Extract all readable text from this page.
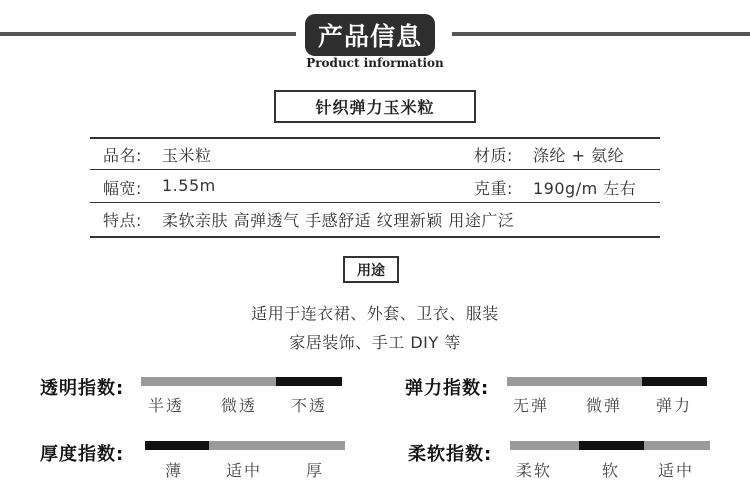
产品信息
Product information
针织弹力玉米粒
品名: 玉米粒	材质: 涤纶 + 氨纶
幅宽: 1.55m	克重: 190g/m 左右
特点: 柔软亲肤 高弹透气 手感舒适 纹理新颖 用途广泛
用途
适用于连衣裙、外套、卫衣、服装
家居装饰、手工 DIY 等
透明指数:
半透 微透 不透
弹力指数:
无弹 微弹 弹力
厚度指数:
薄	适中	厚
柔软指数:
柔软	软 适中
